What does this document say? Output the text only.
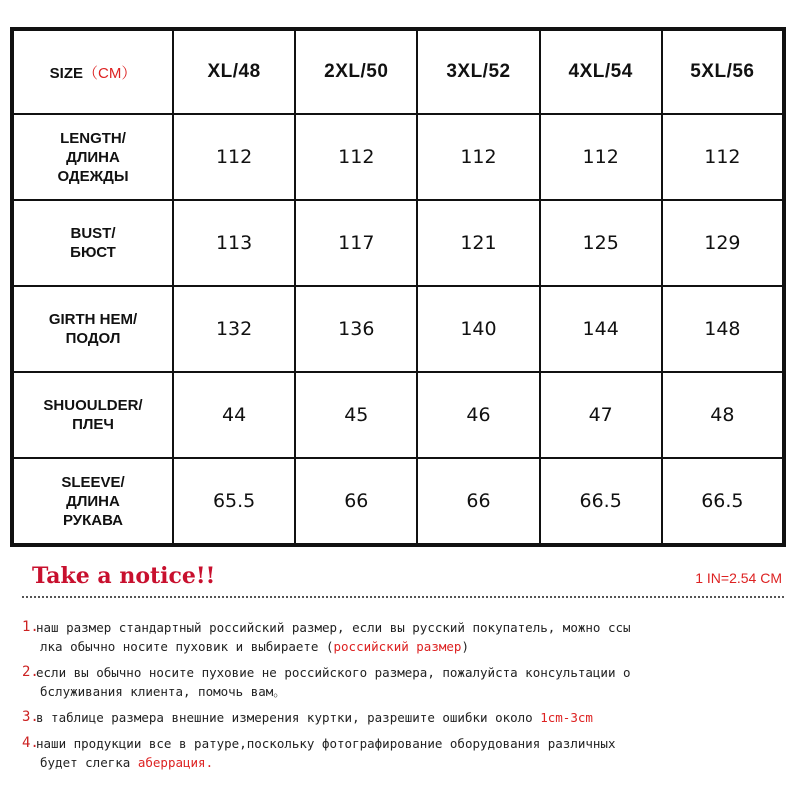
SIZE（CM）	XL/48	2XL/50	3XL/52	4XL/54	5XL/56

LENGTH/
ДЛИНА
ОДЕЖДЫ	112	112	112	112	112

BUST/
БЮСТ	113	117	121	125	129

GIRTH HEM/
ПОДОЛ	132	136	140	144	148

SHUOULDER/
ПЛЕЧ	44	45	46	47	48

SLEEVE/
ДЛИНА
РУКАВА	65.5	66	66	66.5	66.5
Take a notice!!	1 IN=2.54 CM
1.
наш размер стандартный российский размер, если вы русский покупатель, можно ссы
лка обычно носите пуховик и выбираете (российский размер)
2.
если вы обычно носите пуховие не российского размера, пожалуйста консультации о
бслуживания клиента, помочь вам。
3.
в таблице размера внешние измерения куртки, разрешите ошибки около 1cm-3cm
4.
наши продукции все в ратуре,поскольку фотографирование оборудования различных
будет слегка аберрация.
